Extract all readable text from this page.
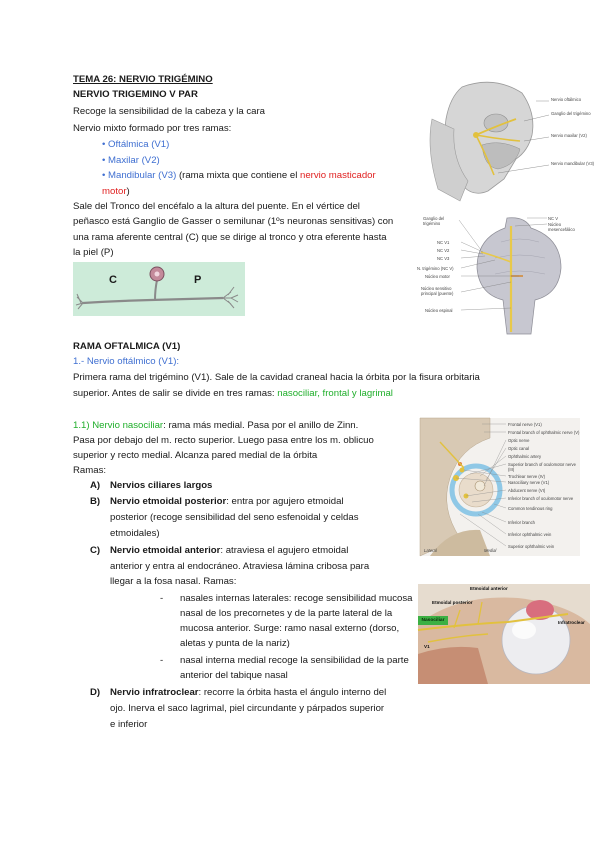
TEMA 26: NERVIO TRIGÉMINO
NERVIO TRIGEMINO V PAR
Recoge la sensibilidad de la cabeza y la cara
Nervio mixto formado por tres ramas:
• Oftálmica (V1)
• Maxilar (V2)
• Mandibular (V3) (rama mixta que contiene el nervio masticador
motor)
Sale del Tronco del encéfalo a la altura del puente. En el vértice del
peñasco está Ganglio de Gasser o semilunar (1ºs neuronas sensitivas) con
una rama aferente central (C) que se dirige al tronco y otra eferente hasta
la piel (P)
C	P
Nervio oftálmico
Ganglio del trigémino
Nervio maxilar (V2)
Nervio mandibular (V3)
Ganglio del trigémino
NC V1
NC V2
NC V3
N. trigémino (NC V)
Núcleo motor
Núcleo sensitivo principal (puente)
Núcleo espinal
NC V
Núcleo mesencefálico
RAMA OFTALMICA (V1)
1.- Nervio oftálmico (V1):
Primera rama del trigémino (V1). Sale de la cavidad craneal hacia la órbita por la fisura orbitaria
superior. Antes de salir se divide en tres ramas: nasociliar, frontal y lagrimal
1.1) Nervio nasociliar: rama más medial. Pasa por el anillo de Zinn.
Pasa por debajo del m. recto superior. Luego pasa entre los m. oblicuo
superior y recto medial. Alcanza pared medial de la órbita
Ramas:
A) Nervios ciliares largos
B) Nervio etmoidal posterior: entra por agujero etmoidal
posterior (recoge sensibilidad del seno esfenoidal y celdas
etmoidales)
C) Nervio etmoidal anterior: atraviesa el agujero etmoidal
anterior y entra al endocráneo. Atraviesa lámina cribosa para
llegar a la fosa nasal. Ramas:
- nasales internas laterales: recoge sensibilidad mucosa
nasal de los precornetes y de la parte lateral de la
mucosa anterior. Surge: ramo nasal externo (dorso,
aletas y punta de la nariz)
- nasal interna medial recoge la sensibilidad de la parte
anterior del tabique nasal
D) Nervio infratroclear: recorre la órbita hasta el ángulo interno del
ojo. Inerva el saco lagrimal, piel circundante y párpados superior
e inferior
Frontal nerve (V1)
Frontal branch of ophthalmic nerve (V)
Optic nerve
Optic canal
Ophthalmic artery
Superior branch of oculomotor nerve (III)
Trochlear nerve (IV)
Nasociliary nerve (V1)
Abducent nerve (VI)
Inferior branch of oculomotor nerve
Common tendinous ring
Inferior branch
Inferior ophthalmic vein
Superior ophthalmic vein
Lateral	Medial
Etmoidal anterior
Etmoidal posterior
Nasociliar	Infratroclear
V1
